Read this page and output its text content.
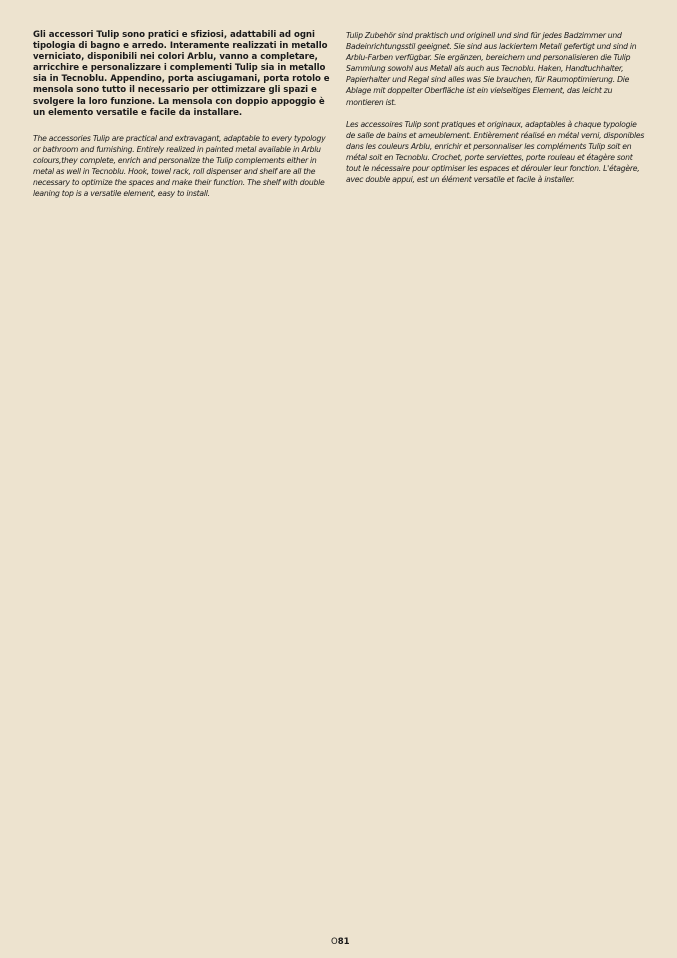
Gli accessori Tulip sono pratici e sfiziosi, adattabili ad ogni tipologia di bagno e arredo. Interamente realizzati in metallo verniciato, disponibili nei colori Arblu, vanno a completare, arricchire e personalizzare i complementi Tulip sia in metallo sia in Tecnoblu. Appendino, porta asciugamani, porta rotolo e mensola sono tutto il necessario per ottimizzare gli spazi e svolgere la loro funzione. La mensola con doppio appoggio è un elemento versatile e facile da installare.

The accessories Tulip are practical and extravagant, adaptable to every typology or bathroom and furnishing. Entirely realized in painted metal available in Arblu colours,they complete, enrich and personalize the Tulip complements either in metal as well in Tecnoblu. Hook, towel rack, roll dispenser and shelf are all the necessary to optimize the spaces and make their function. The shelf with double leaning top is a versatile element, easy to install.

Tulip Zubehör sind praktisch und originell und sind für jedes Badzimmer und Badeinrichtungsstil geeignet. Sie sind aus lackiertem Metall gefertigt und sind in Arblu-Farben verfügbar. Sie ergänzen, bereichern und personalisieren die Tulip Sammlung sowohl aus Metall als auch aus Tecnoblu. Haken, Handtuchhalter, Papierhalter und Regal sind alles was Sie brauchen, für Raumoptimierung. Die Ablage mit doppelter Oberfläche ist ein vielseitiges Element, das leicht zu montieren ist.

Les accessoires Tulip sont pratiques et originaux, adaptables à chaque typologie de salle de bains et ameublement. Entièrement réalisé en métal verni, disponibles dans les couleurs Arblu, enrichir et personnaliser les compléments Tulip soit en métal soit en Tecnoblu. Crochet, porte serviettes, porte rouleau et étagère sont tout le nécessaire pour optimiser les espaces et dérouler leur fonction. L'étagère, avec double appui, est un élément versatile et facile à installer.

O81
